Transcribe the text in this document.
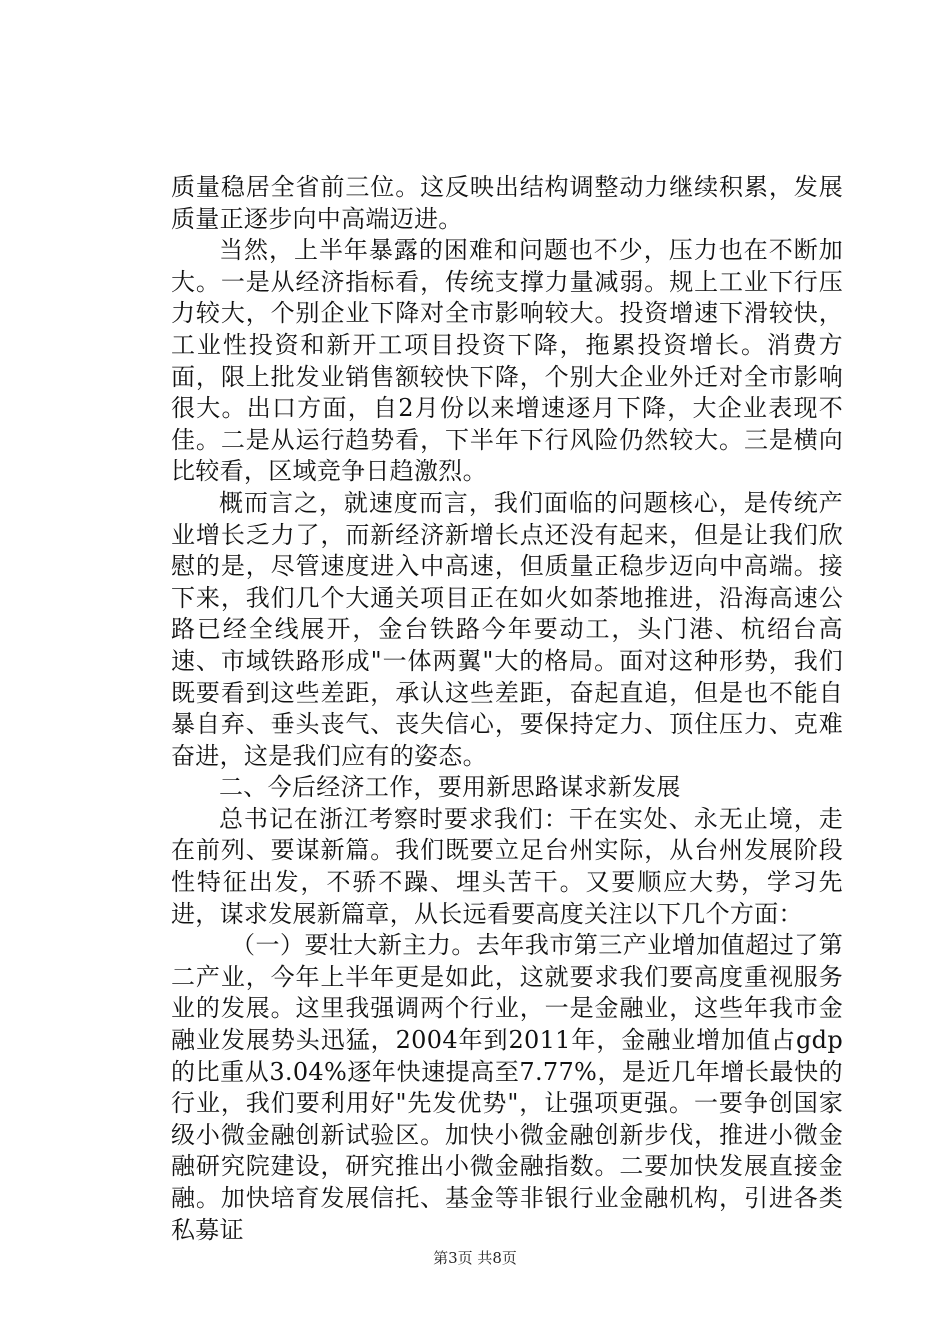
质量稳居全省前三位。这反映出结构调整动力继续积累，发展质量正逐步向中高端迈进。

当然，上半年暴露的困难和问题也不少，压力也在不断加大。一是从经济指标看，传统支撑力量减弱。规上工业下行压力较大，个别企业下降对全市影响较大。投资增速下滑较快，工业性投资和新开工项目投资下降，拖累投资增长。消费方面，限上批发业销售额较快下降，个别大企业外迁对全市影响很大。出口方面，自2月份以来增速逐月下降，大企业表现不佳。二是从运行趋势看，下半年下行风险仍然较大。三是横向比较看，区域竞争日趋激烈。

概而言之，就速度而言，我们面临的问题核心，是传统产业增长乏力了，而新经济新增长点还没有起来，但是让我们欣慰的是，尽管速度进入中高速，但质量正稳步迈向中高端。接下来，我们几个大通关项目正在如火如荼地推进，沿海高速公路已经全线展开，金台铁路今年要动工，头门港、杭绍台高速、市域铁路形成"一体两翼"大的格局。面对这种形势，我们既要看到这些差距，承认这些差距，奋起直追，但是也不能自暴自弃、垂头丧气、丧失信心，要保持定力、顶住压力、克难奋进，这是我们应有的姿态。

二、今后经济工作，要用新思路谋求新发展

总书记在浙江考察时要求我们：干在实处、永无止境，走在前列、要谋新篇。我们既要立足台州实际，从台州发展阶段性特征出发，不骄不躁、埋头苦干。又要顺应大势，学习先进，谋求发展新篇章，从长远看要高度关注以下几个方面：

（一）要壮大新主力。去年我市第三产业增加值超过了第二产业，今年上半年更是如此，这就要求我们要高度重视服务业的发展。这里我强调两个行业，一是金融业，这些年我市金融业发展势头迅猛，2004年到2011年，金融业增加值占gdp的比重从3.04%逐年快速提高至7.77%，是近几年增长最快的行业，我们要利用好"先发优势"，让强项更强。一要争创国家级小微金融创新试验区。加快小微金融创新步伐，推进小微金融研究院建设，研究推出小微金融指数。二要加快发展直接金融。加快培育发展信托、基金等非银行业金融机构，引进各类私募证

第3页 共8页
